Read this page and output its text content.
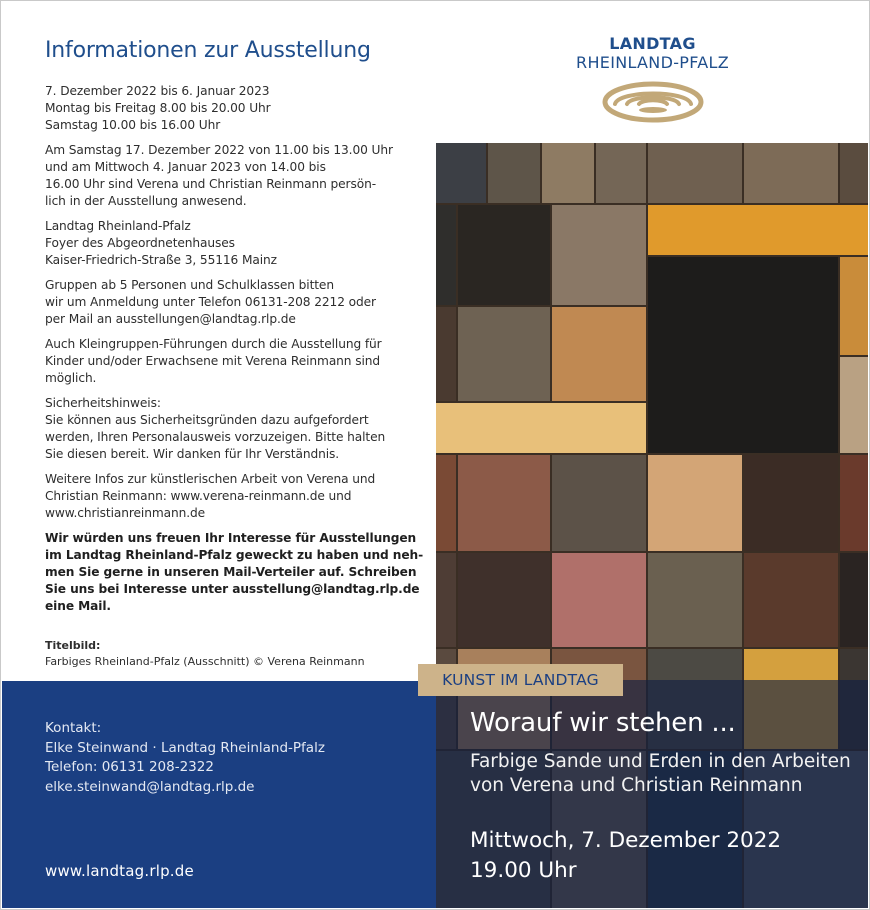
Informationen zur Ausstellung

7. Dezember 2022 bis 6. Januar 2023
Montag bis Freitag 8.00 bis 20.00 Uhr
Samstag 10.00 bis 16.00 Uhr

Am Samstag 17. Dezember 2022 von 11.00 bis 13.00 Uhr
und am Mittwoch 4. Januar 2023 von 14.00 bis
16.00 Uhr sind Verena und Christian Reinmann persön-
lich in der Ausstellung anwesend.

Landtag Rheinland-Pfalz
Foyer des Abgeordnetenhauses
Kaiser-Friedrich-Straße 3, 55116 Mainz

Gruppen ab 5 Personen und Schulklassen bitten
wir um Anmeldung unter Telefon 06131-208 2212 oder
per Mail an ausstellungen@landtag.rlp.de

Auch Kleingruppen-Führungen durch die Ausstellung für
Kinder und/oder Erwachsene mit Verena Reinmann sind
möglich.

Sicherheitshinweis:
Sie können aus Sicherheitsgründen dazu aufgefordert
werden, Ihren Personalausweis vorzuzeigen. Bitte halten
Sie diesen bereit. Wir danken für Ihr Verständnis.

Weitere Infos zur künstlerischen Arbeit von Verena und
Christian Reinmann: www.verena-reinmann.de und
www.christianreinmann.de

Wir würden uns freuen Ihr Interesse für Ausstellungen
im Landtag Rheinland-Pfalz geweckt zu haben und neh-
men Sie gerne in unseren Mail-Verteiler auf. Schreiben
Sie uns bei Interesse unter ausstellung@landtag.rlp.de
eine Mail.

Titelbild:
Farbiges Rheinland-Pfalz (Ausschnitt) © Verena Reinmann
LANDTAG
RHEINLAND-PFALZ
Kontakt:
Elke Steinwand · Landtag Rheinland-Pfalz
Telefon: 06131 208-2322
elke.steinwand@landtag.rlp.de
www.landtag.rlp.de
KUNST IM LANDTAG
Worauf wir stehen ...
Farbige Sande und Erden in den Arbeiten
von Verena und Christian Reinmann
Mittwoch, 7. Dezember 2022
19.00 Uhr
